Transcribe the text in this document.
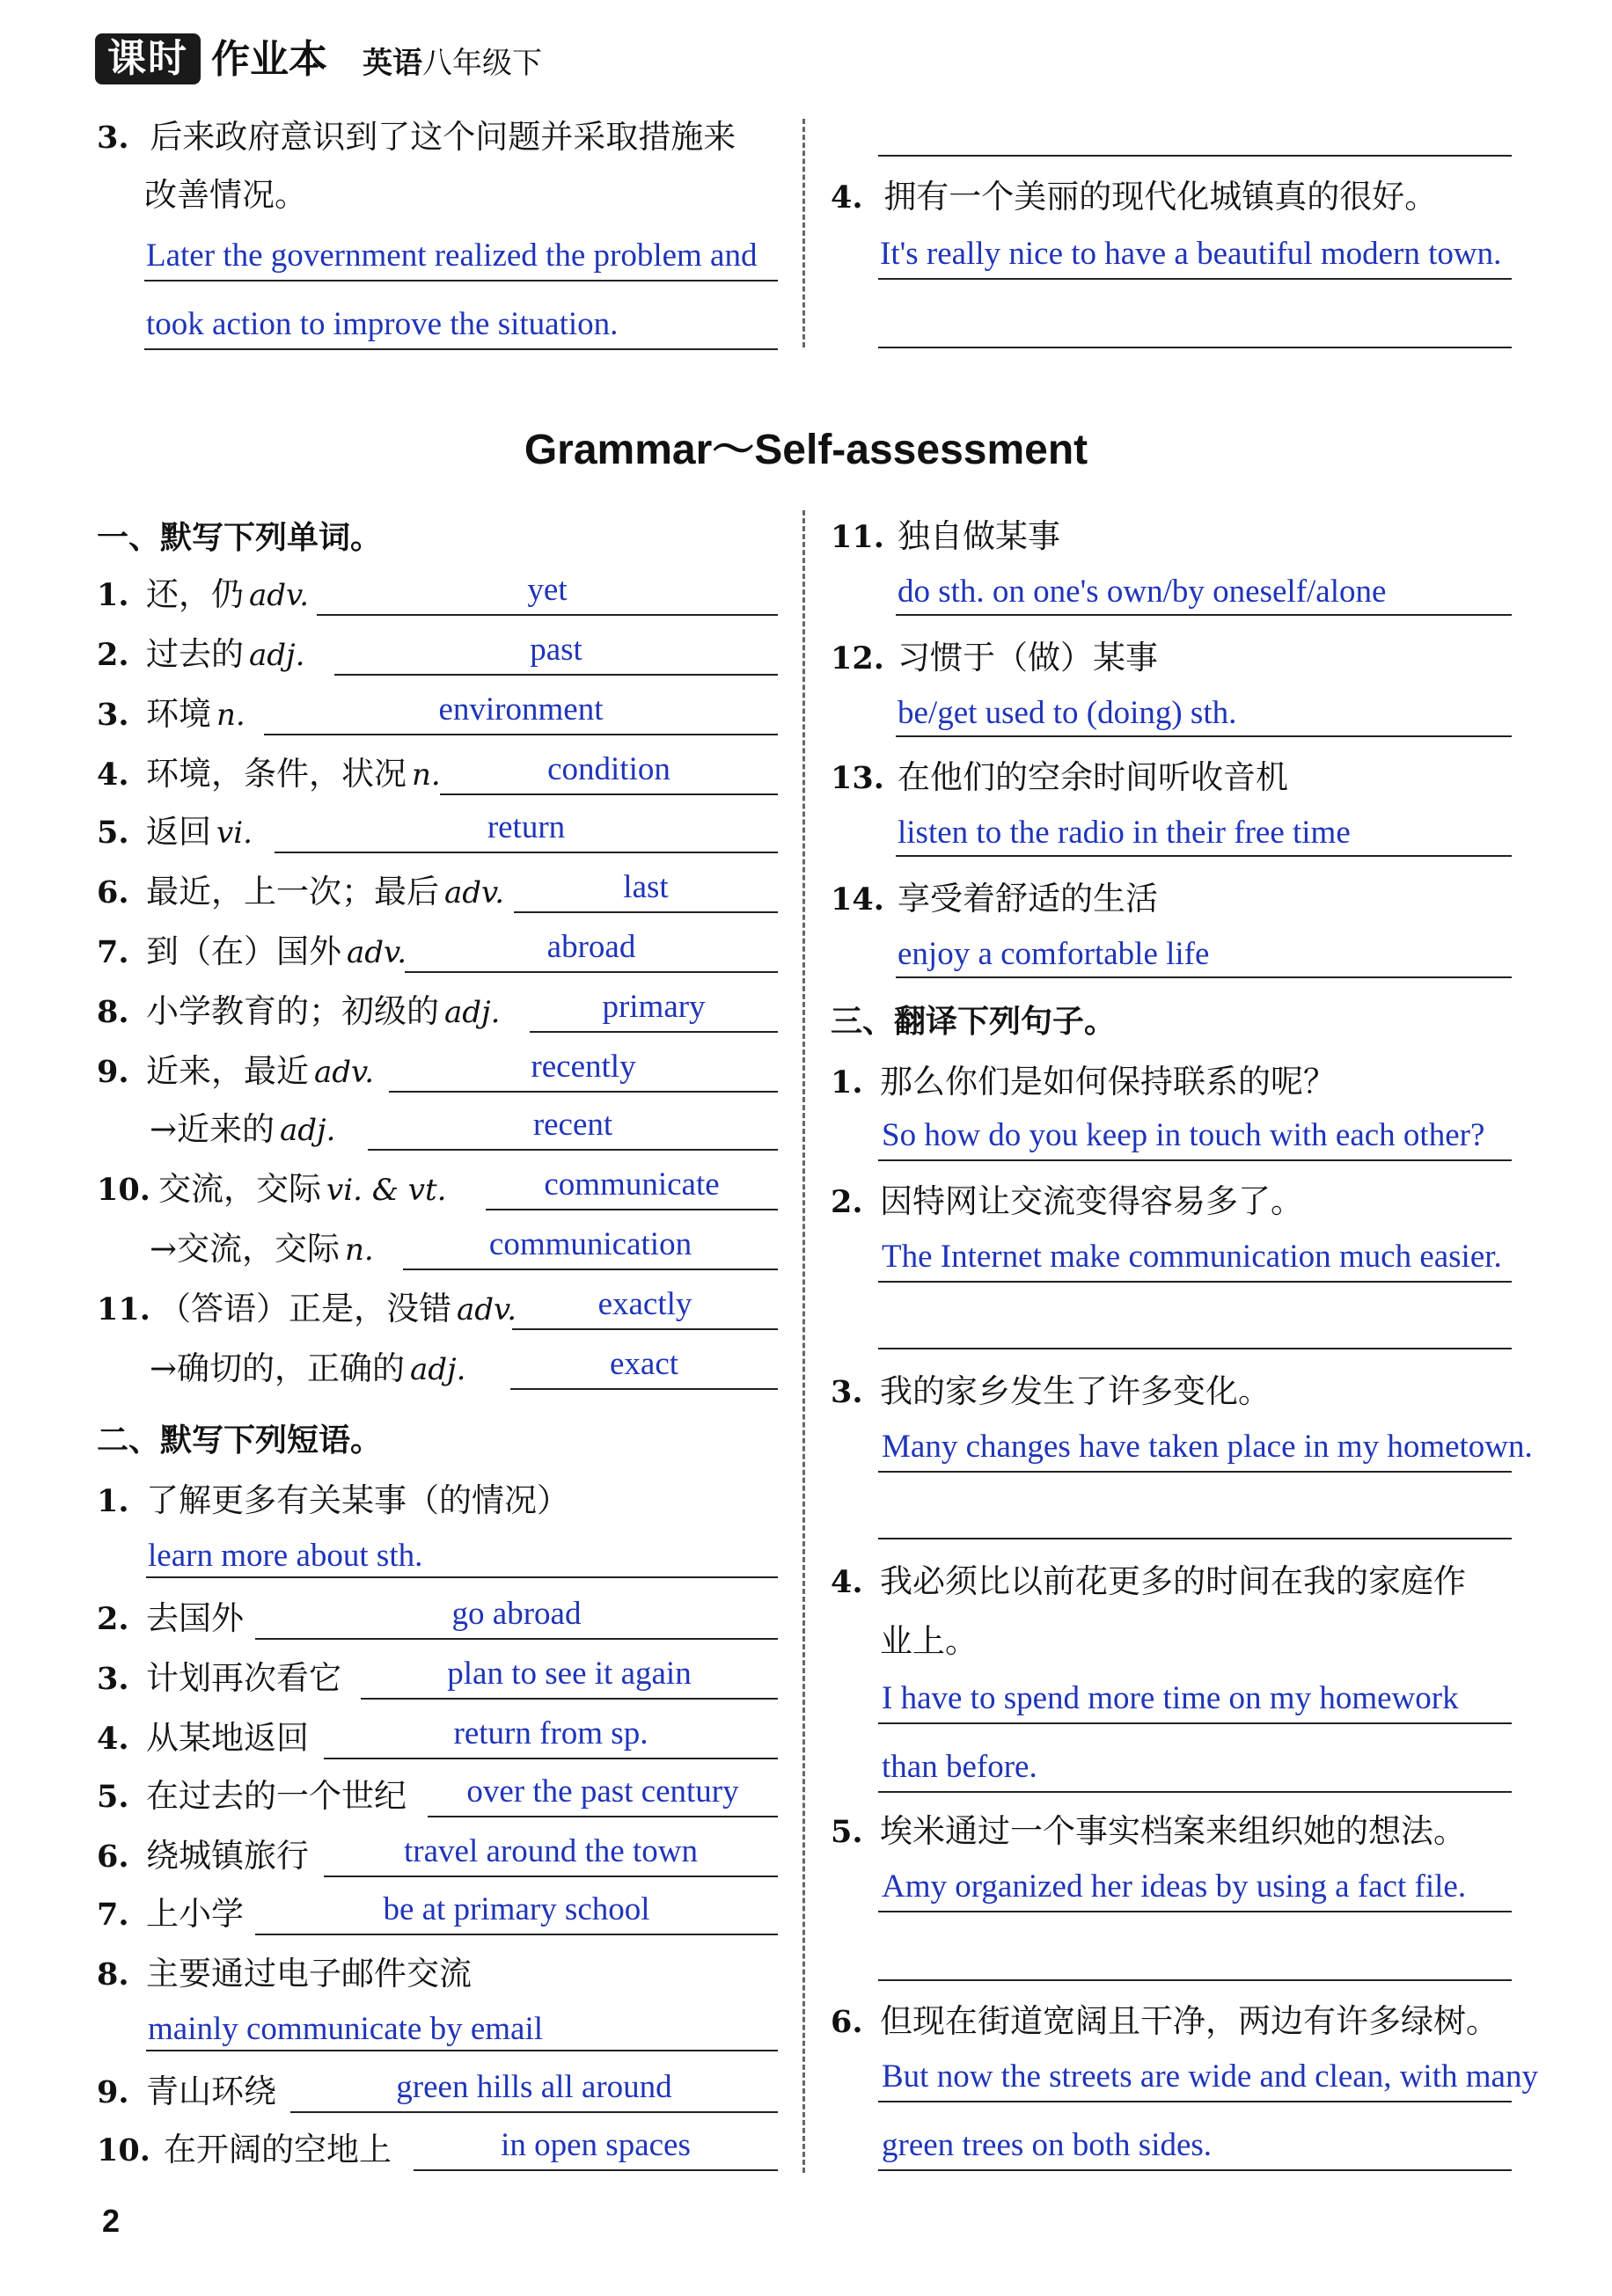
课时 作业本 英语八年级下
3. 后来政府意识到了这个问题并采取措施来
改善情况。
Later the government realized the problem and
took action to improve the situation.
4. 拥有一个美丽的现代化城镇真的很好。
It's really nice to have a beautiful modern town.
Grammar～Self-assessment
一、默写下列单词。
1. 还，仍 adv.	yet
2. 过去的 adj.	past
3. 环境 n.	environment
4. 环境，条件，状况 n.	condition
5. 返回 vi.	return
6. 最近，上一次；最后 adv.	last
7. 到（在）国外 adv.	abroad
8. 小学教育的；初级的 adj.	primary
9. 近来，最近 adv.	recently
→近来的 adj.	recent
10. 交流，交际 vi. & vt.	communicate
→交流，交际 n.	communication
11. （答语）正是，没错 adv.	exactly
→确切的，正确的 adj.	exact
二、默写下列短语。
1. 了解更多有关某事（的情况）
learn more about sth.
2. 去国外	go abroad
3. 计划再次看它	plan to see it again
4. 从某地返回	return from sp.
5. 在过去的一个世纪	over the past century
6. 绕城镇旅行	travel around the town
7. 上小学	be at primary school
8. 主要通过电子邮件交流
mainly communicate by email
9. 青山环绕	green hills all around
10. 在开阔的空地上	in open spaces
11. 独自做某事
do sth. on one's own/by oneself/alone
12. 习惯于（做）某事
be/get used to (doing) sth.
13. 在他们的空余时间听收音机
listen to the radio in their free time
14. 享受着舒适的生活
enjoy a comfortable life
三、翻译下列句子。
1. 那么你们是如何保持联系的呢？
So how do you keep in touch with each other?
2. 因特网让交流变得容易多了。
The Internet make communication much easier.
3. 我的家乡发生了许多变化。
Many changes have taken place in my hometown.
4. 我必须比以前花更多的时间在我的家庭作
业上。
I have to spend more time on my homework
than before.
5. 埃米通过一个事实档案来组织她的想法。
Amy organized her ideas by using a fact file.
6. 但现在街道宽阔且干净，两边有许多绿树。
But now the streets are wide and clean, with many
green trees on both sides.
2
